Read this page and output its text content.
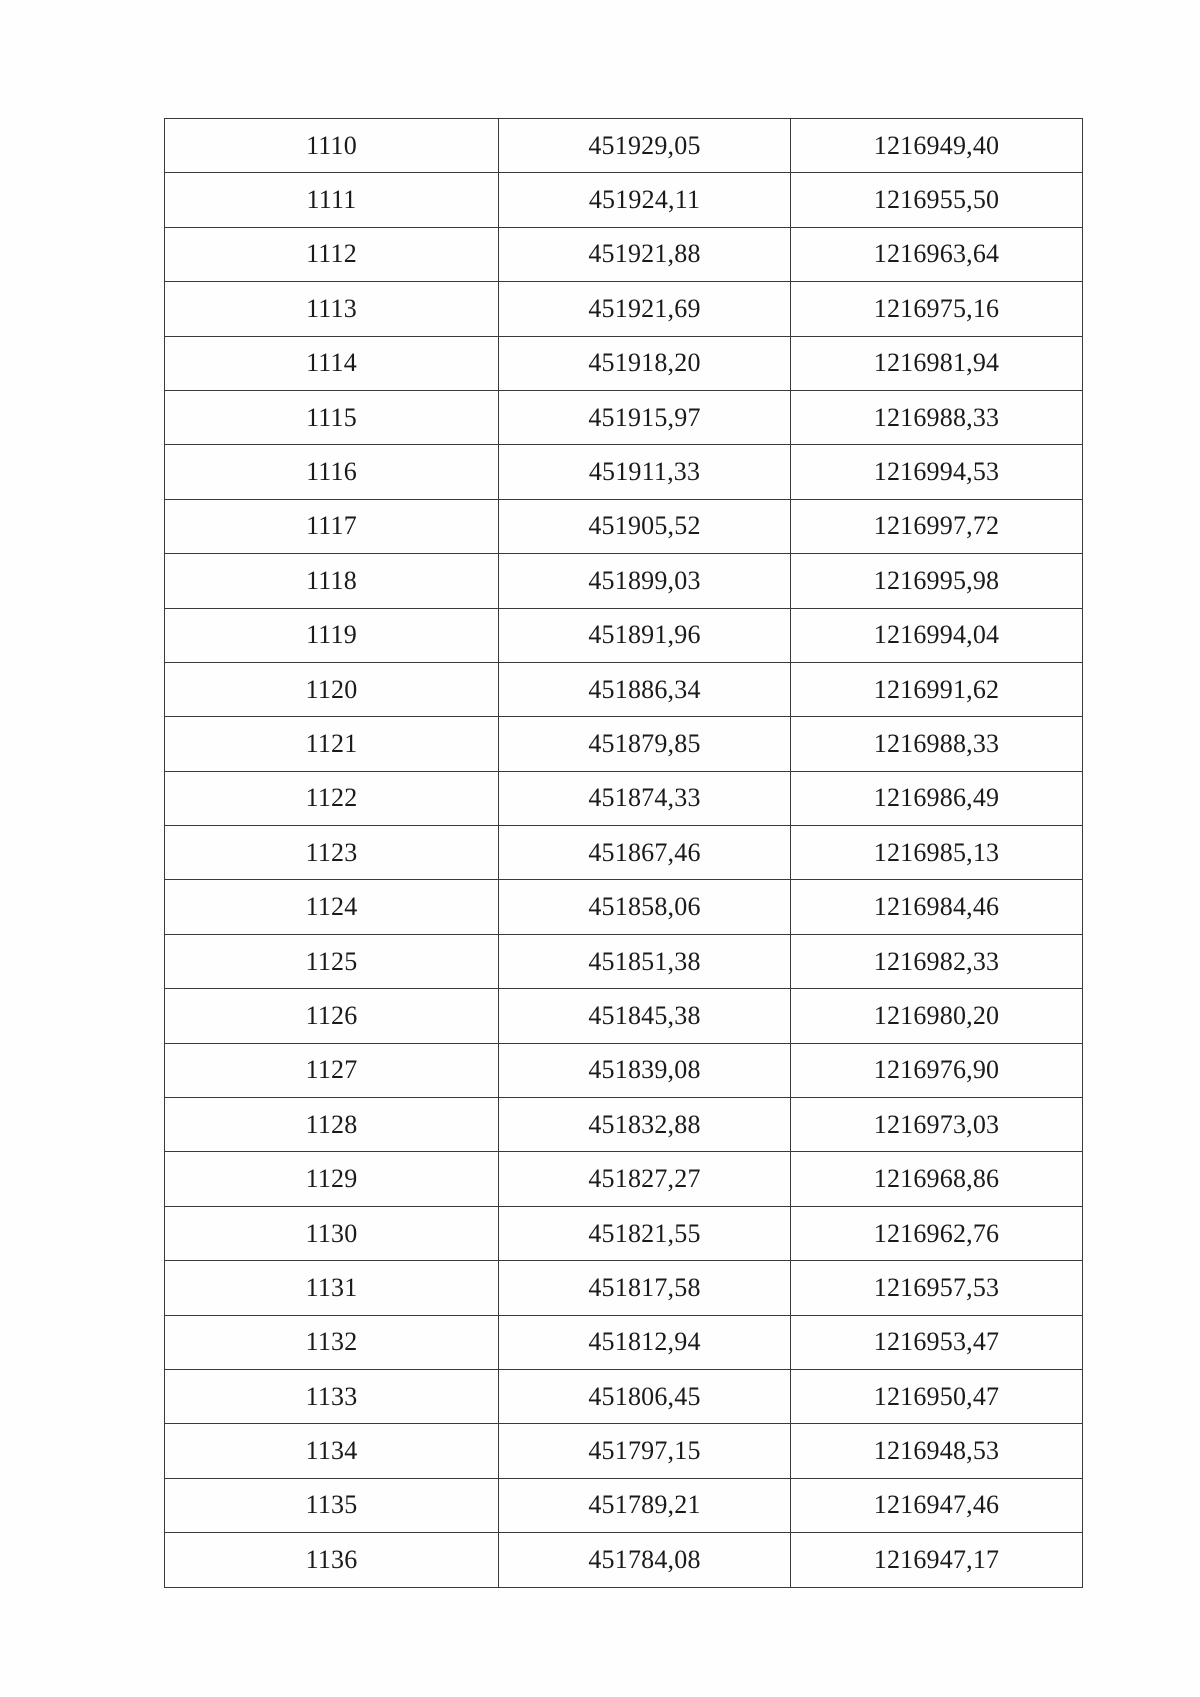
1110	451929,05	1216949,40
1111	451924,11	1216955,50
1112	451921,88	1216963,64
1113	451921,69	1216975,16
1114	451918,20	1216981,94
1115	451915,97	1216988,33
1116	451911,33	1216994,53
1117	451905,52	1216997,72
1118	451899,03	1216995,98
1119	451891,96	1216994,04
1120	451886,34	1216991,62
1121	451879,85	1216988,33
1122	451874,33	1216986,49
1123	451867,46	1216985,13
1124	451858,06	1216984,46
1125	451851,38	1216982,33
1126	451845,38	1216980,20
1127	451839,08	1216976,90
1128	451832,88	1216973,03
1129	451827,27	1216968,86
1130	451821,55	1216962,76
1131	451817,58	1216957,53
1132	451812,94	1216953,47
1133	451806,45	1216950,47
1134	451797,15	1216948,53
1135	451789,21	1216947,46
1136	451784,08	1216947,17
